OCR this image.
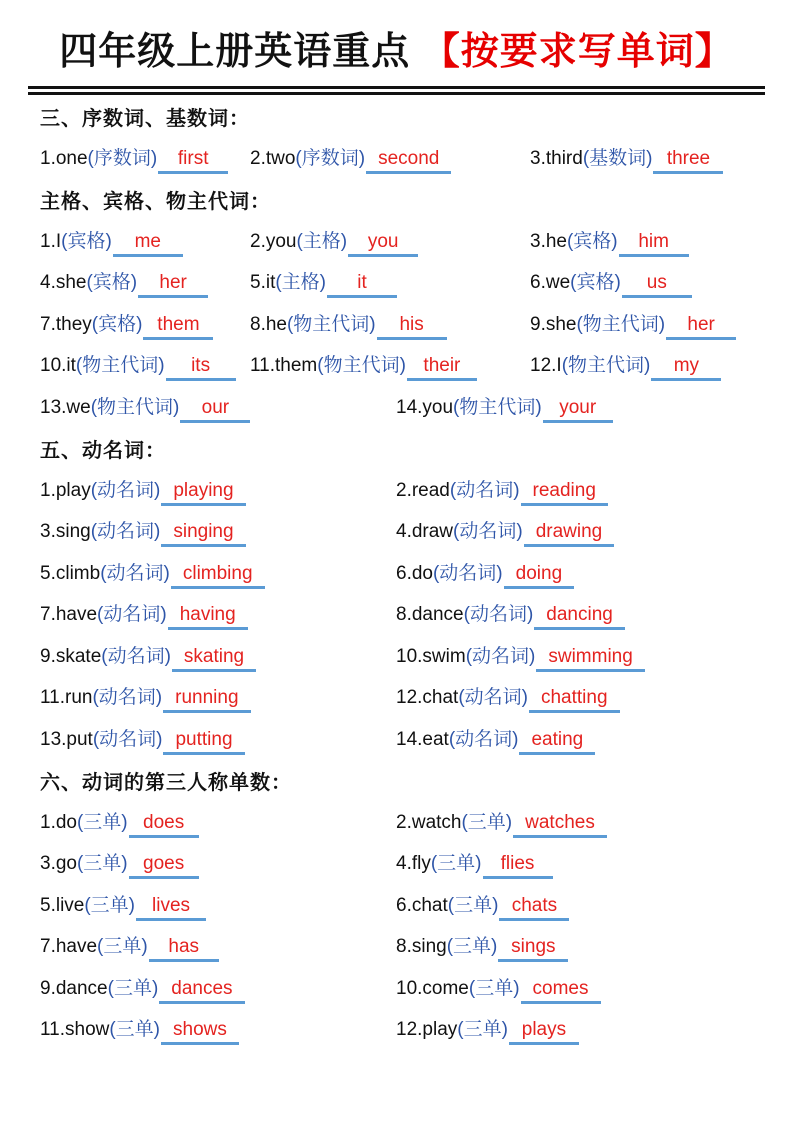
四年级上册英语重点 【按要求写单词】
三、序数词、基数词：
1.one(序数词) first	2.two(序数词) second	3.third(基数词) three
主格、宾格、物主代词：
1.I(宾格) me	2.you(主格) you	3.he(宾格) him
4.she(宾格) her	5.it(主格) it	6.we(宾格) us
7.they(宾格) them	8.he(物主代词) his	9.she(物主代词) her
10.it(物主代词) its	11.them(物主代词) their	12.I(物主代词) my
13.we(物主代词) our	14.you(物主代词) your
五、动名词：
1.play(动名词) playing	2.read(动名词) reading
3.sing(动名词) singing	4.draw(动名词) drawing
5.climb(动名词) climbing	6.do(动名词) doing
7.have(动名词) having	8.dance(动名词) dancing
9.skate(动名词) skating	10.swim(动名词) swimming
11.run(动名词) running	12.chat(动名词) chatting
13.put(动名词) putting	14.eat(动名词) eating
六、动词的第三人称单数：
1.do(三单) does	2.watch(三单) watches
3.go(三单) goes	4.fly(三单) flies
5.live(三单) lives	6.chat(三单) chats
7.have(三单) has	8.sing(三单) sings
9.dance(三单) dances	10.come(三单) comes
11.show(三单) shows	12.play(三单) plays
